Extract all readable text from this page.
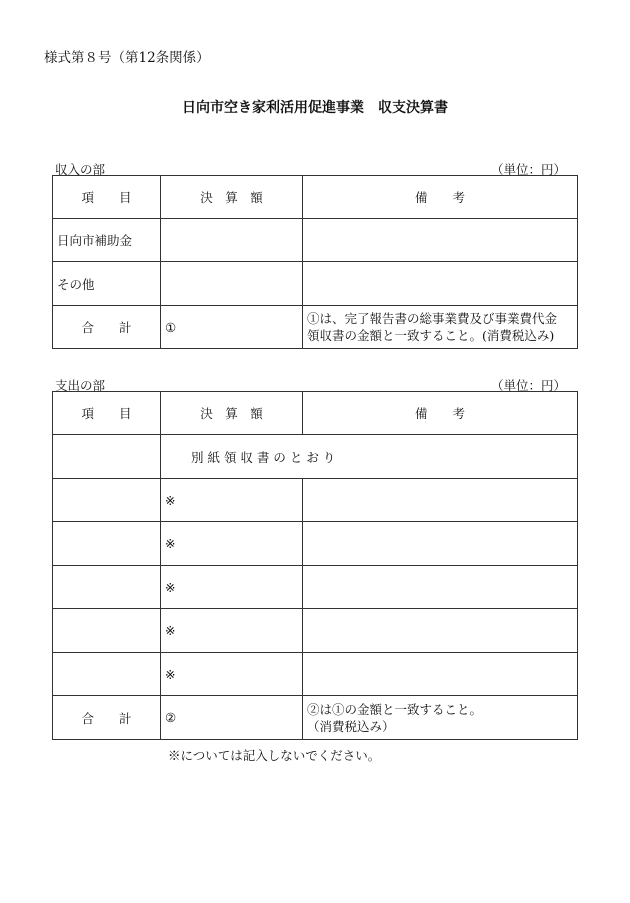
様式第８号（第12条関係）
日向市空き家利活用促進事業　収支決算書
収入の部	（単位：円）
項　　目	決　算　額	備　　考
日向市補助金		
その他		
合　　計	①	①は、完了報告書の総事業費及び事業費代金
領収書の金額と一致すること。(消費税込み)
支出の部	（単位：円）
項　　目	決　算　額	備　　考
	別 紙 領 収 書 の と お り	
	※	
	※	
	※	
	※	
	※	
合　　計	②	②は①の金額と一致すること。
（消費税込み）
※については記入しないでください。
